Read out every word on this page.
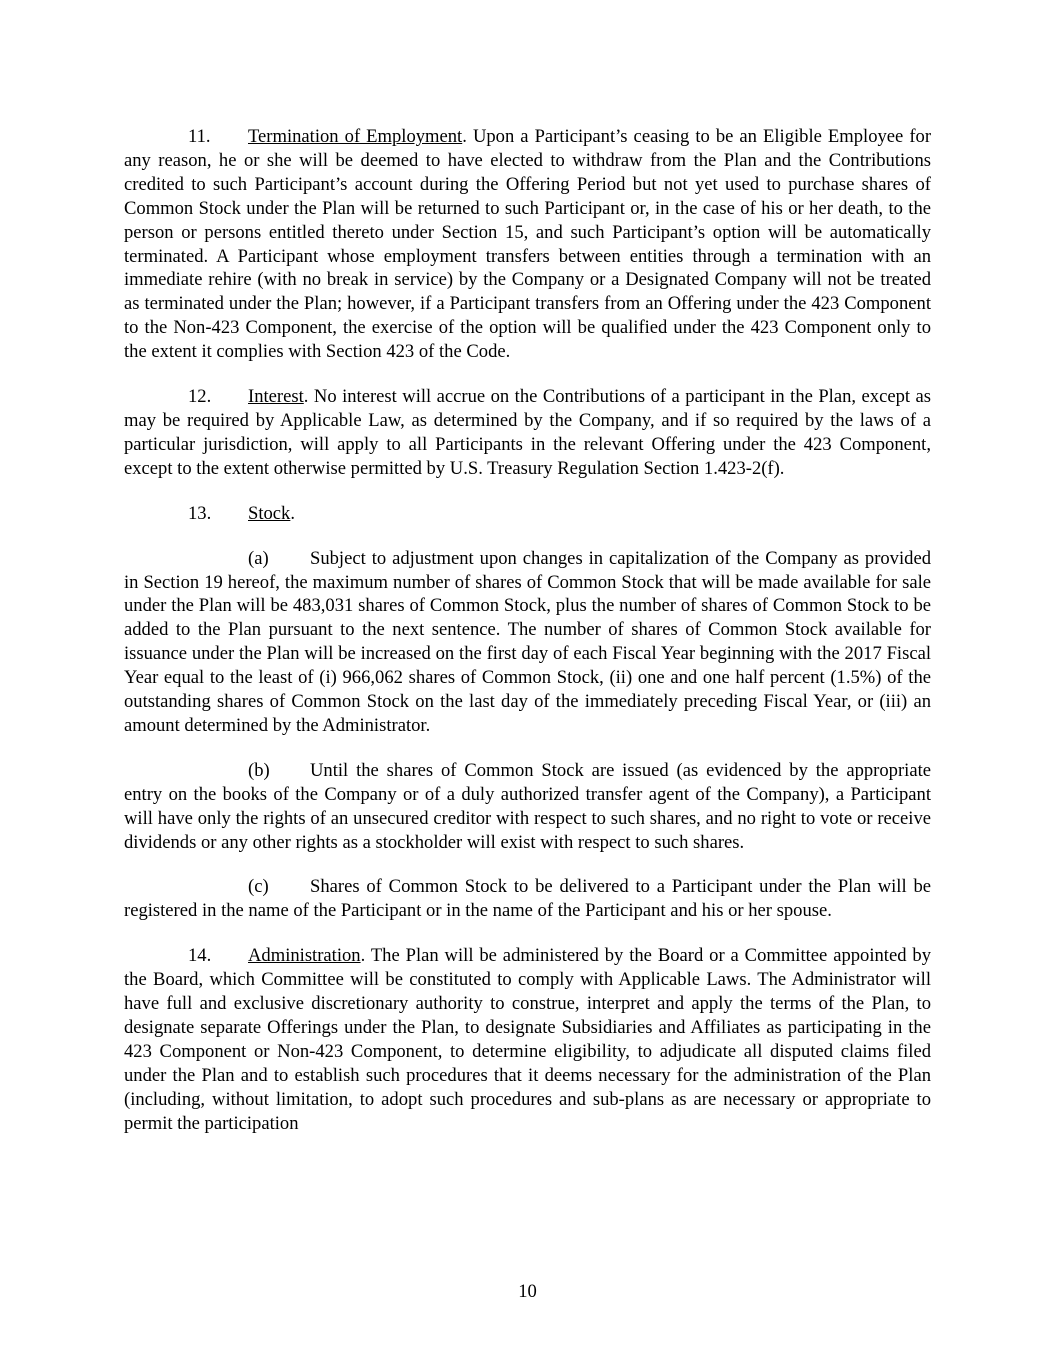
11. Termination of Employment. Upon a Participant’s ceasing to be an Eligible Employee for any reason, he or she will be deemed to have elected to withdraw from the Plan and the Contributions credited to such Participant’s account during the Offering Period but not yet used to purchase shares of Common Stock under the Plan will be returned to such Participant or, in the case of his or her death, to the person or persons entitled thereto under Section 15, and such Participant’s option will be automatically terminated. A Participant whose employment transfers between entities through a termination with an immediate rehire (with no break in service) by the Company or a Designated Company will not be treated as terminated under the Plan; however, if a Participant transfers from an Offering under the 423 Component to the Non-423 Component, the exercise of the option will be qualified under the 423 Component only to the extent it complies with Section 423 of the Code.

12. Interest. No interest will accrue on the Contributions of a participant in the Plan, except as may be required by Applicable Law, as determined by the Company, and if so required by the laws of a particular jurisdiction, will apply to all Participants in the relevant Offering under the 423 Component, except to the extent otherwise permitted by U.S. Treasury Regulation Section 1.423-2(f).

13. Stock.

(a) Subject to adjustment upon changes in capitalization of the Company as provided in Section 19 hereof, the maximum number of shares of Common Stock that will be made available for sale under the Plan will be 483,031 shares of Common Stock, plus the number of shares of Common Stock to be added to the Plan pursuant to the next sentence. The number of shares of Common Stock available for issuance under the Plan will be increased on the first day of each Fiscal Year beginning with the 2017 Fiscal Year equal to the least of (i) 966,062 shares of Common Stock, (ii) one and one half percent (1.5%) of the outstanding shares of Common Stock on the last day of the immediately preceding Fiscal Year, or (iii) an amount determined by the Administrator.

(b) Until the shares of Common Stock are issued (as evidenced by the appropriate entry on the books of the Company or of a duly authorized transfer agent of the Company), a Participant will have only the rights of an unsecured creditor with respect to such shares, and no right to vote or receive dividends or any other rights as a stockholder will exist with respect to such shares.

(c) Shares of Common Stock to be delivered to a Participant under the Plan will be registered in the name of the Participant or in the name of the Participant and his or her spouse.

14. Administration. The Plan will be administered by the Board or a Committee appointed by the Board, which Committee will be constituted to comply with Applicable Laws. The Administrator will have full and exclusive discretionary authority to construe, interpret and apply the terms of the Plan, to designate separate Offerings under the Plan, to designate Subsidiaries and Affiliates as participating in the 423 Component or Non-423 Component, to determine eligibility, to adjudicate all disputed claims filed under the Plan and to establish such procedures that it deems necessary for the administration of the Plan (including, without limitation, to adopt such procedures and sub-plans as are necessary or appropriate to permit the participation

10
